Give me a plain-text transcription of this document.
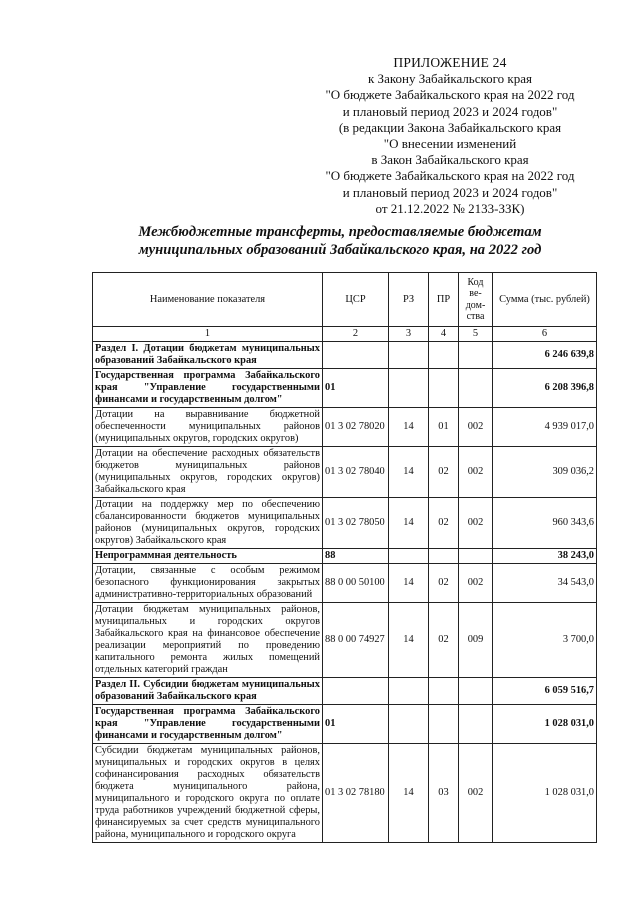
ПРИЛОЖЕНИЕ 24
к Закону Забайкальского края
"О бюджете Забайкальского края на 2022 год
и плановый период 2023 и 2024 годов"
(в редакции Закона Забайкальского края
"О внесении изменений
в Закон Забайкальского края
"О бюджете Забайкальского края на 2022 год
и плановый период 2023 и 2024 годов"
от 21.12.2022 № 2133-ЗЗК)
Межбюджетные трансферты, предоставляемые бюджетам
муниципальных образований Забайкальского края, на 2022 год
Наименование показателя	ЦСР	РЗ	ПР	Код ве-дом-ства	Сумма (тыс. рублей)
1	2	3	4	5	6
Раздел I. Дотации бюджетам муниципальных образований Забайкальского края					6 246 639,8
Государственная программа Забайкальского края "Управление государственными финансами и государственным долгом"	01				6 208 396,8
Дотации на выравнивание бюджетной обеспеченности муниципальных районов (муниципальных округов, городских округов)	01 3 02 78020	14	01	002	4 939 017,0
Дотации на обеспечение расходных обязательств бюджетов муниципальных районов (муниципальных округов, городских округов) Забайкальского края	01 3 02 78040	14	02	002	309 036,2
Дотации на поддержку мер по обеспечению сбалансированности бюджетов муниципальных районов (муниципальных округов, городских округов) Забайкальского края	01 3 02 78050	14	02	002	960 343,6
Непрограммная деятельность	88				38 243,0
Дотации, связанные с особым режимом безопасного функционирования закрытых административно-территориальных образований	88 0 00 50100	14	02	002	34 543,0
Дотации бюджетам муниципальных районов, муниципальных и городских округов Забайкальского края на финансовое обеспечение реализации мероприятий по проведению капитального ремонта жилых помещений отдельных категорий граждан	88 0 00 74927	14	02	009	3 700,0
Раздел II. Субсидии бюджетам муниципальных образований Забайкальского края					6 059 516,7
Государственная программа Забайкальского края "Управление государственными финансами и государственным долгом"	01				1 028 031,0
Субсидии бюджетам муниципальных районов, муниципальных и городских округов в целях софинансирования расходных обязательств бюджета муниципального района, муниципального и городского округа по оплате труда работников учреждений бюджетной сферы, финансируемых за счет средств муниципального района, муниципального и городского округа	01 3 02 78180	14	03	002	1 028 031,0
